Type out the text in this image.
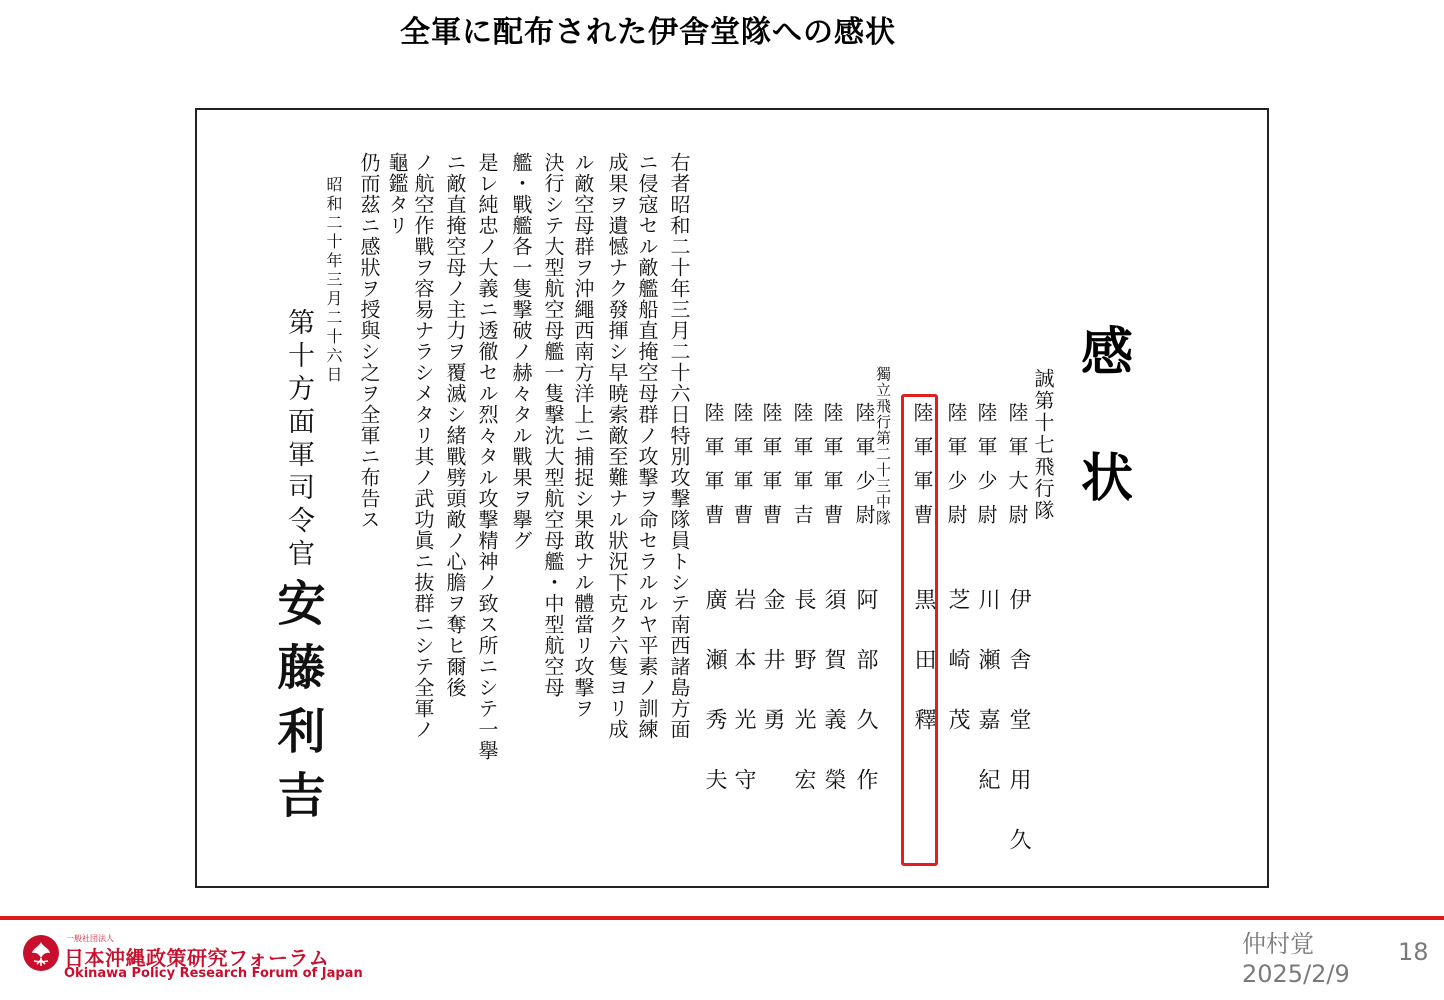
全軍に配布された伊舎堂隊への感状
感
状
誠第十七飛行隊
獨立飛行第二十三中隊	陸軍大尉
伊舎堂用久
陸軍少尉
川瀬嘉紀
陸軍少尉
芝崎茂
陸軍軍曹
黒田釋
陸軍少尉
阿部久作
陸軍軍曹
須賀義榮
陸軍軍吉
長野光宏
陸軍軍曹
金井勇
陸軍軍曹
岩本光守
陸軍軍曹
廣瀬秀夫
右者昭和二十年三月二十六日特別攻撃隊員トシテ南西諸島方面
ニ侵寇セル敵艦船直掩空母群ノ攻撃ヲ命セラルルヤ平素ノ訓練
成果ヲ遺憾ナク發揮シ早暁索敵至難ナル狀況下克ク六隻ヨリ成
ル敵空母群ヲ沖繩西南方洋上ニ捕捉シ果敢ナル體當リ攻撃ヲ
決行シテ大型航空母艦一隻撃沈大型航空母艦・中型航空母
艦・戰艦各一隻撃破ノ赫々タル戰果ヲ擧グ
是レ純忠ノ大義ニ透徹セル烈々タル攻撃精神ノ致ス所ニシテ一擧
ニ敵直掩空母ノ主力ヲ覆滅シ緒戰劈頭敵ノ心膽ヲ奪ヒ爾後
ノ航空作戰ヲ容易ナラシメタリ其ノ武功眞ニ抜群ニシテ全軍ノ
龜鑑タリ
仍而茲ニ感狀ヲ授與シ之ヲ全軍ニ布告ス
昭和二十年三月二十六日
第十方面軍司令官
安藤利吉
一般社団法人
日本沖縄政策研究フォーラム
Okinawa Policy Research Forum of Japan
仲村覚
2025/2/9
18
